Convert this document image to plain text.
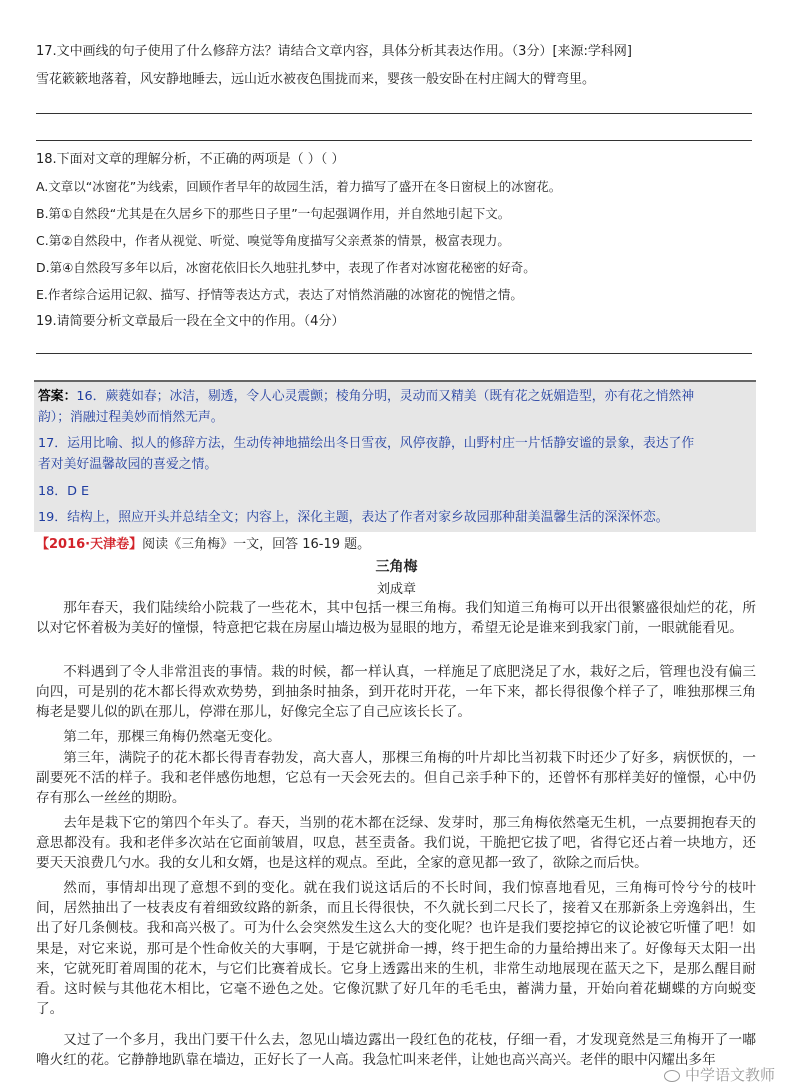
17.文中画线的句子使用了什么修辞方法？请结合文章内容，具体分析其表达作用。（3分）[来源:学科网]
雪花簌簌地落着，风安静地睡去，远山近水被夜色围拢而来，婴孩一般安卧在村庄阔大的臂弯里。
18.下面对文章的理解分析，不正确的两项是（ ）（ ）
A.文章以“冰窗花”为线索，回顾作者早年的故园生活，着力描写了盛开在冬日窗棂上的冰窗花。
B.第①自然段“尤其是在久居乡下的那些日子里”一句起强调作用，并自然地引起下文。
C.第②自然段中，作者从视觉、听觉、嗅觉等角度描写父亲煮茶的情景，极富表现力。
D.第④自然段写多年以后，冰窗花依旧长久地驻扎梦中，表现了作者对冰窗花秘密的好奇。
E.作者综合运用记叙、描写、抒情等表达方式，表达了对悄然消融的冰窗花的惋惜之情。
19.请简要分析文章最后一段在全文中的作用。（4分）
答案：16．蕨蕤如春；冰洁，剔透，令人心灵震颤；棱角分明，灵动而又精美（既有花之妩媚造型，亦有花之悄然神
韵）；消融过程美妙而悄然无声。
17．运用比喻、拟人的修辞方法，生动传神地描绘出冬日雪夜，风停夜静，山野村庄一片恬静安谧的景象，表达了作
者对美好温馨故园的喜爱之情。
18．D E
19．结构上，照应开头并总结全文；内容上，深化主题，表达了作者对家乡故园那种甜美温馨生活的深深怀恋。
【2016·天津卷】阅读《三角梅》一文，回答 16-19 题。
三角梅
刘成章
那年春天，我们陆续给小院栽了一些花木，其中包括一棵三角梅。我们知道三角梅可以开出很繁盛很灿烂的花，所以对它怀着极为美好的憧憬，特意把它栽在房屋山墙边极为显眼的地方，希望无论是谁来到我家门前，一眼就能看见。
不料遇到了令人非常沮丧的事情。栽的时候，都一样认真，一样施足了底肥浇足了水，栽好之后，管理也没有偏三向四，可是别的花木都长得欢欢势势，到抽条时抽条，到开花时开花，一年下来，都长得很像个样子了，唯独那棵三角梅老是婴儿似的趴在那儿，停滞在那儿，好像完全忘了自己应该长长了。
第二年，那棵三角梅仍然毫无变化。
第三年，满院子的花木都长得青春勃发，高大喜人，那棵三角梅的叶片却比当初栽下时还少了好多，病恹恹的，一副要死不活的样子。我和老伴感伤地想，它总有一天会死去的。但自己亲手种下的，还曾怀有那样美好的憧憬，心中仍存有那么一丝丝的期盼。
去年是栽下它的第四个年头了。春天，当别的花木都在泛绿、发芽时，那三角梅依然毫无生机，一点要拥抱春天的意思都没有。我和老伴多次站在它面前皱眉，叹息，甚至责备。我们说，干脆把它拔了吧，省得它还占着一块地方，还要天天浪费几勺水。我的女儿和女婿，也是这样的观点。至此，全家的意见都一致了，欲除之而后快。
然而，事情却出现了意想不到的变化。就在我们说这话后的不长时间，我们惊喜地看见，三角梅可怜兮兮的枝叶间，居然抽出了一枝表皮有着细致纹路的新条，而且长得很快，不久就长到二尺长了，接着又在那新条上旁逸斜出，生出了好几条侧枝。我和高兴极了。可为什么会突然发生这么大的变化呢？也许是我们要挖掉它的议论被它听懂了吧！如果是，对它来说，那可是个性命攸关的大事啊，于是它就拼命一搏，终于把生命的力量给搏出来了。好像每天太阳一出来，它就死盯着周围的花木，与它们比赛着成长。它身上透露出来的生机，非常生动地展现在蓝天之下，是那么醒目耐看。这时候与其他花木相比，它毫不逊色之处。它像沉默了好几年的毛毛虫，蓄满力量，开始向着花蝴蝶的方向蜕变了。
又过了一个多月，我出门要干什么去，忽见山墙边露出一段红色的花枝，仔细一看，才发现竟然是三角梅开了一嘟噜火红的花。它静静地趴靠在墙边，正好长了一人高。我急忙叫来老伴，让她也高兴高兴。老伴的眼中闪耀出多年
中学语文教师
